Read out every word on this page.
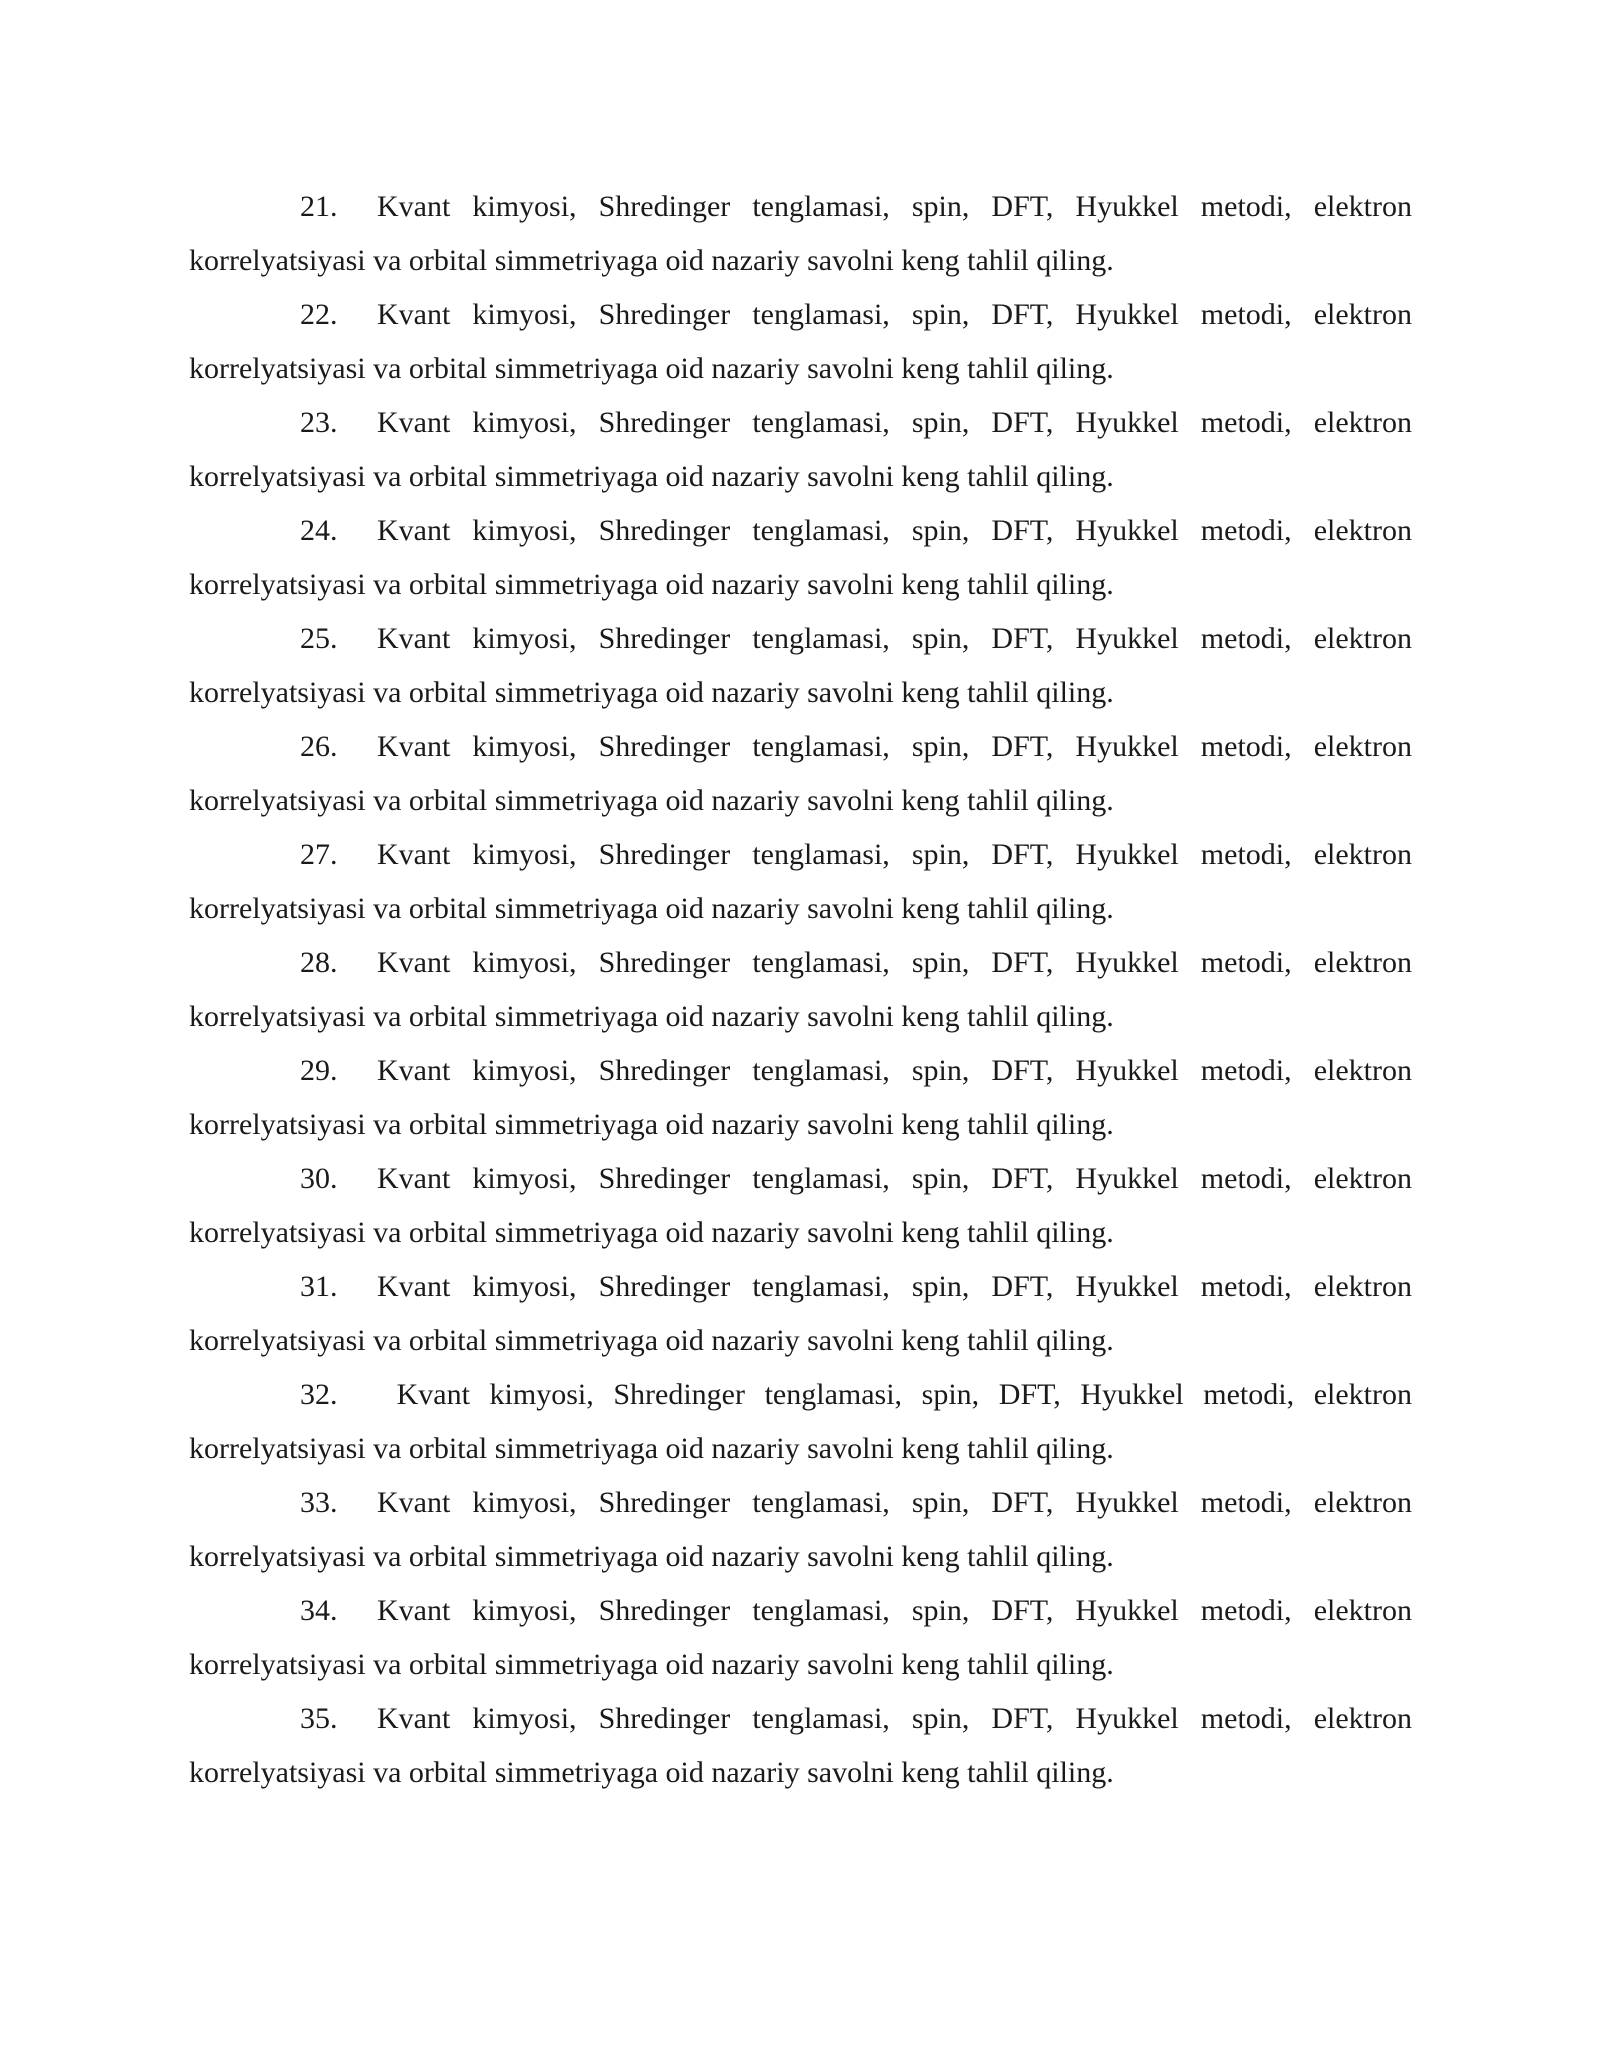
21. Kvant kimyosi, Shredinger tenglamasi, spin, DFT, Hyukkel metodi, elektron korrelyatsiyasi va orbital simmetriyaga oid nazariy savolni keng tahlil qiling.
22. Kvant kimyosi, Shredinger tenglamasi, spin, DFT, Hyukkel metodi, elektron korrelyatsiyasi va orbital simmetriyaga oid nazariy savolni keng tahlil qiling.
23. Kvant kimyosi, Shredinger tenglamasi, spin, DFT, Hyukkel metodi, elektron korrelyatsiyasi va orbital simmetriyaga oid nazariy savolni keng tahlil qiling.
24. Kvant kimyosi, Shredinger tenglamasi, spin, DFT, Hyukkel metodi, elektron korrelyatsiyasi va orbital simmetriyaga oid nazariy savolni keng tahlil qiling.
25. Kvant kimyosi, Shredinger tenglamasi, spin, DFT, Hyukkel metodi, elektron korrelyatsiyasi va orbital simmetriyaga oid nazariy savolni keng tahlil qiling.
26. Kvant kimyosi, Shredinger tenglamasi, spin, DFT, Hyukkel metodi, elektron korrelyatsiyasi va orbital simmetriyaga oid nazariy savolni keng tahlil qiling.
27. Kvant kimyosi, Shredinger tenglamasi, spin, DFT, Hyukkel metodi, elektron korrelyatsiyasi va orbital simmetriyaga oid nazariy savolni keng tahlil qiling.
28. Kvant kimyosi, Shredinger tenglamasi, spin, DFT, Hyukkel metodi, elektron korrelyatsiyasi va orbital simmetriyaga oid nazariy savolni keng tahlil qiling.
29. Kvant kimyosi, Shredinger tenglamasi, spin, DFT, Hyukkel metodi, elektron korrelyatsiyasi va orbital simmetriyaga oid nazariy savolni keng tahlil qiling.
30. Kvant kimyosi, Shredinger tenglamasi, spin, DFT, Hyukkel metodi, elektron korrelyatsiyasi va orbital simmetriyaga oid nazariy savolni keng tahlil qiling.
31. Kvant kimyosi, Shredinger tenglamasi, spin, DFT, Hyukkel metodi, elektron korrelyatsiyasi va orbital simmetriyaga oid nazariy savolni keng tahlil qiling.
32. Kvant kimyosi, Shredinger tenglamasi, spin, DFT, Hyukkel metodi, elektron korrelyatsiyasi va orbital simmetriyaga oid nazariy savolni keng tahlil qiling.
33. Kvant kimyosi, Shredinger tenglamasi, spin, DFT, Hyukkel metodi, elektron korrelyatsiyasi va orbital simmetriyaga oid nazariy savolni keng tahlil qiling.
34. Kvant kimyosi, Shredinger tenglamasi, spin, DFT, Hyukkel metodi, elektron korrelyatsiyasi va orbital simmetriyaga oid nazariy savolni keng tahlil qiling.
35. Kvant kimyosi, Shredinger tenglamasi, spin, DFT, Hyukkel metodi, elektron korrelyatsiyasi va orbital simmetriyaga oid nazariy savolni keng tahlil qiling.
